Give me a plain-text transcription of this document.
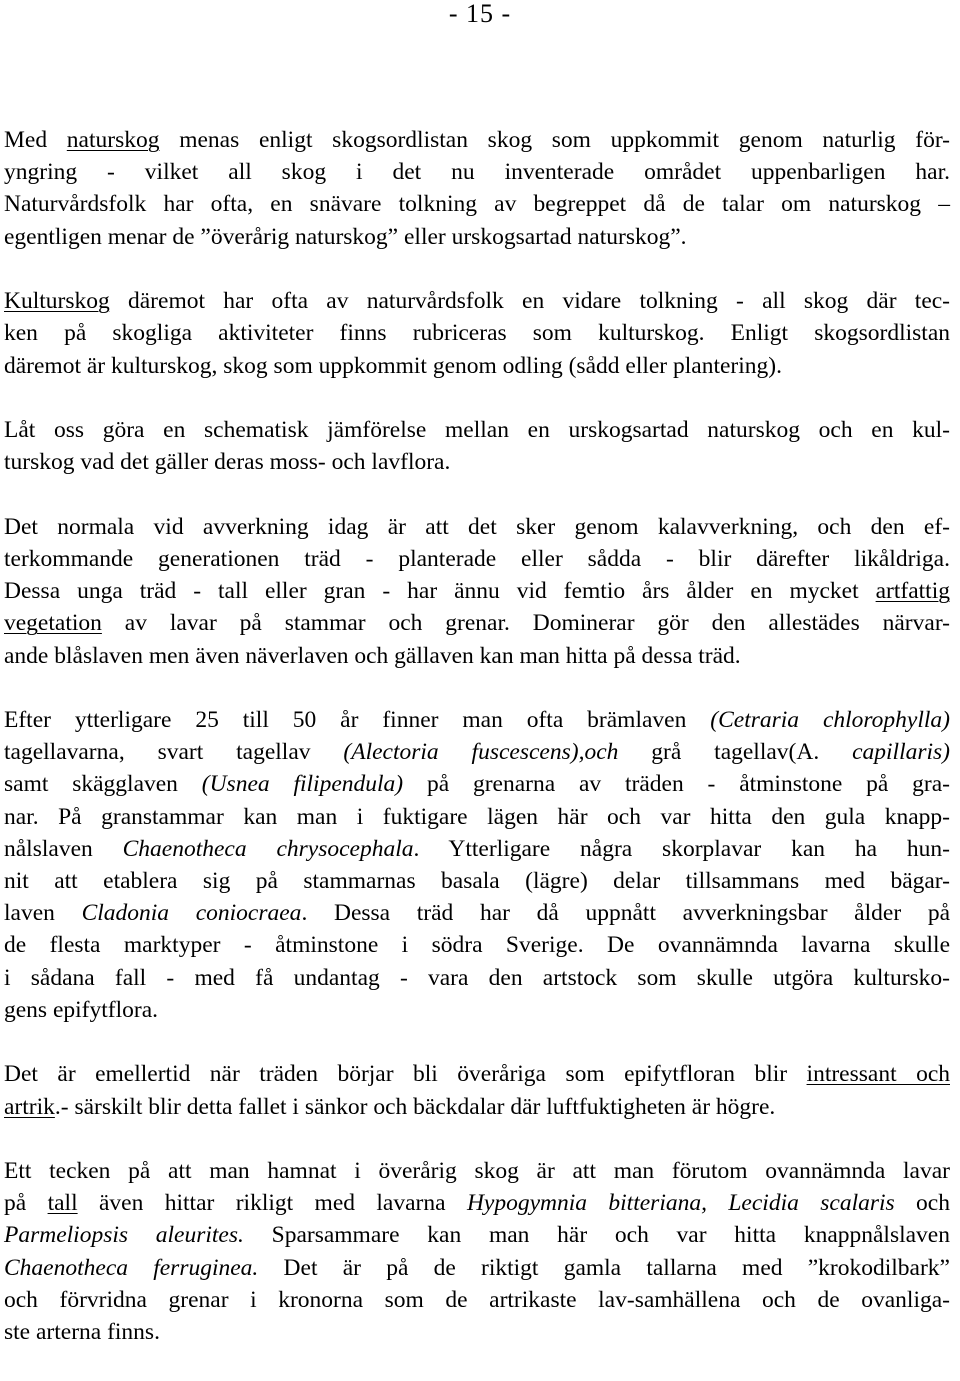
- 15 -
Med naturskog menas enligt skogsordlistan skog som uppkommit genom naturlig för-
yngring - vilket all skog i det nu inventerade området uppenbarligen har.
Naturvårdsfolk har ofta, en snävare tolkning av begreppet då de talar om naturskog –
egentligen menar de ”överårig naturskog” eller urskogsartad naturskog”.
Kulturskog däremot har ofta av naturvårdsfolk en vidare tolkning - all skog där tec-
ken på skogliga aktiviteter finns rubriceras som kulturskog. Enligt skogsordlistan
däremot är kulturskog, skog som uppkommit genom odling (sådd eller plantering).
Låt oss göra en schematisk jämförelse mellan en urskogsartad naturskog och en kul-
turskog vad det gäller deras moss- och lavflora.
Det normala vid avverkning idag är att det sker genom kalavverkning, och den ef-
terkommande generationen träd - planterade eller sådda - blir därefter likåldriga.
Dessa unga träd - tall eller gran - har ännu vid femtio års ålder en mycket artfattig
vegetation av lavar på stammar och grenar. Dominerar gör den allestädes närvar-
ande blåslaven men även näverlaven och gällaven kan man hitta på dessa träd.
Efter ytterligare 25 till 50 år finner man ofta brämlaven (Cetraria chlorophylla)
tagellavarna, svart tagellav (Alectoria fuscescens),och grå tagellav(A. capillaris)
samt skägglaven (Usnea filipendula) på grenarna av träden - åtminstone på gra-
nar. På granstammar kan man i fuktigare lägen här och var hitta den gula knapp-
nålslaven Chaenotheca chrysocephala. Ytterligare några skorplavar kan ha hun-
nit att etablera sig på stammarnas basala (lägre) delar tillsammans med bägar-
laven Cladonia coniocraea. Dessa träd har då uppnått avverkningsbar ålder på
de flesta marktyper - åtminstone i södra Sverige. De ovannämnda lavarna skulle
i sådana fall - med få undantag - vara den artstock som skulle utgöra kultursko-
gens epifytflora.
Det är emellertid när träden börjar bli överåriga som epifytfloran blir intressant och
artrik.- särskilt blir detta fallet i sänkor och bäckdalar där luftfuktigheten är högre.
Ett tecken på att man hamnat i överårig skog är att man förutom ovannämnda lavar
på tall även hittar rikligt med lavarna Hypogymnia bitteriana, Lecidia scalaris och
Parmeliopsis aleurites. Sparsammare kan man här och var hitta knappnålslaven
Chaenotheca ferruginea. Det är på de riktigt gamla tallarna med ”krokodilbark”
och förvridna grenar i kronorna som de artrikaste lav-samhällena och de ovanliga-
ste arterna finns.
